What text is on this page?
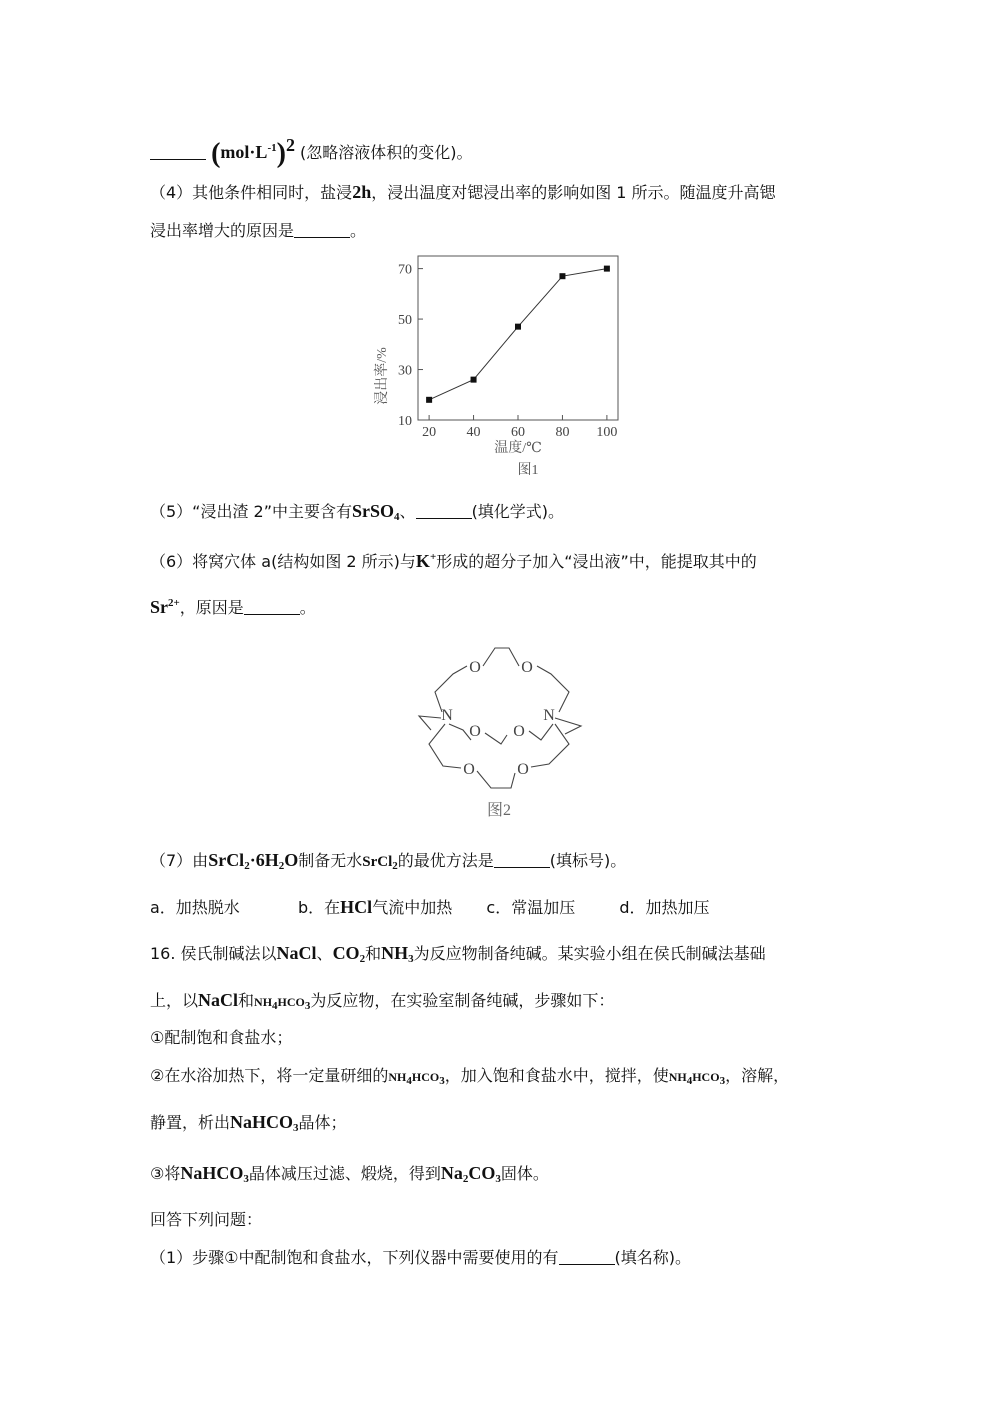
$(mol\cdot L^{-1})^2$ (忽略溶液体积的变化)。
（4）其他条件相同时，盐浸2h，浸出温度对锶浸出率的影响如图 1 所示。随温度升高锶
浸出率增大的原因是	。
10
30
50
70
20 40 60 80 100
浸出率/%
温度/℃
图1
（5）“浸出渣 2”中主要含有SrSO$_4$、	(填化学式)。
（6）将窝穴体 a(结构如图 2 所示)与K+形成的超分子加入“浸出液”中，能提取其中的
$Sr^{2+}$，原因是	。
O	O
O O
O	O
N	N
图2
（7）由$SrCl_2\cdot 6H_2O$制备无水SrCl$_2$的最优方法是	(填标号)。
a．加热脱水	b．在HCl气流中加热 c．常温加压	d．加热加压
16. 侯氏制碱法以NaCl、$CO_2$和$NH_3$为反应物制备纯碱。某实验小组在侯氏制碱法基础
上，以NaCl和$NH_4HCO_3$为反应物，在实验室制备纯碱，步骤如下：
①配制饱和食盐水；
②在水浴加热下，将一定量研细的$NH_4HCO_3$，加入饱和食盐水中，搅拌，使$NH_4HCO_3$，溶解，
静置，析出NaHCO$_3$晶体；
③将NaHCO$_3$晶体减压过滤、煅烧，得到$Na_2CO_3$固体。
回答下列问题：
（1）步骤①中配制饱和食盐水，下列仪器中需要使用的有	(填名称)。
